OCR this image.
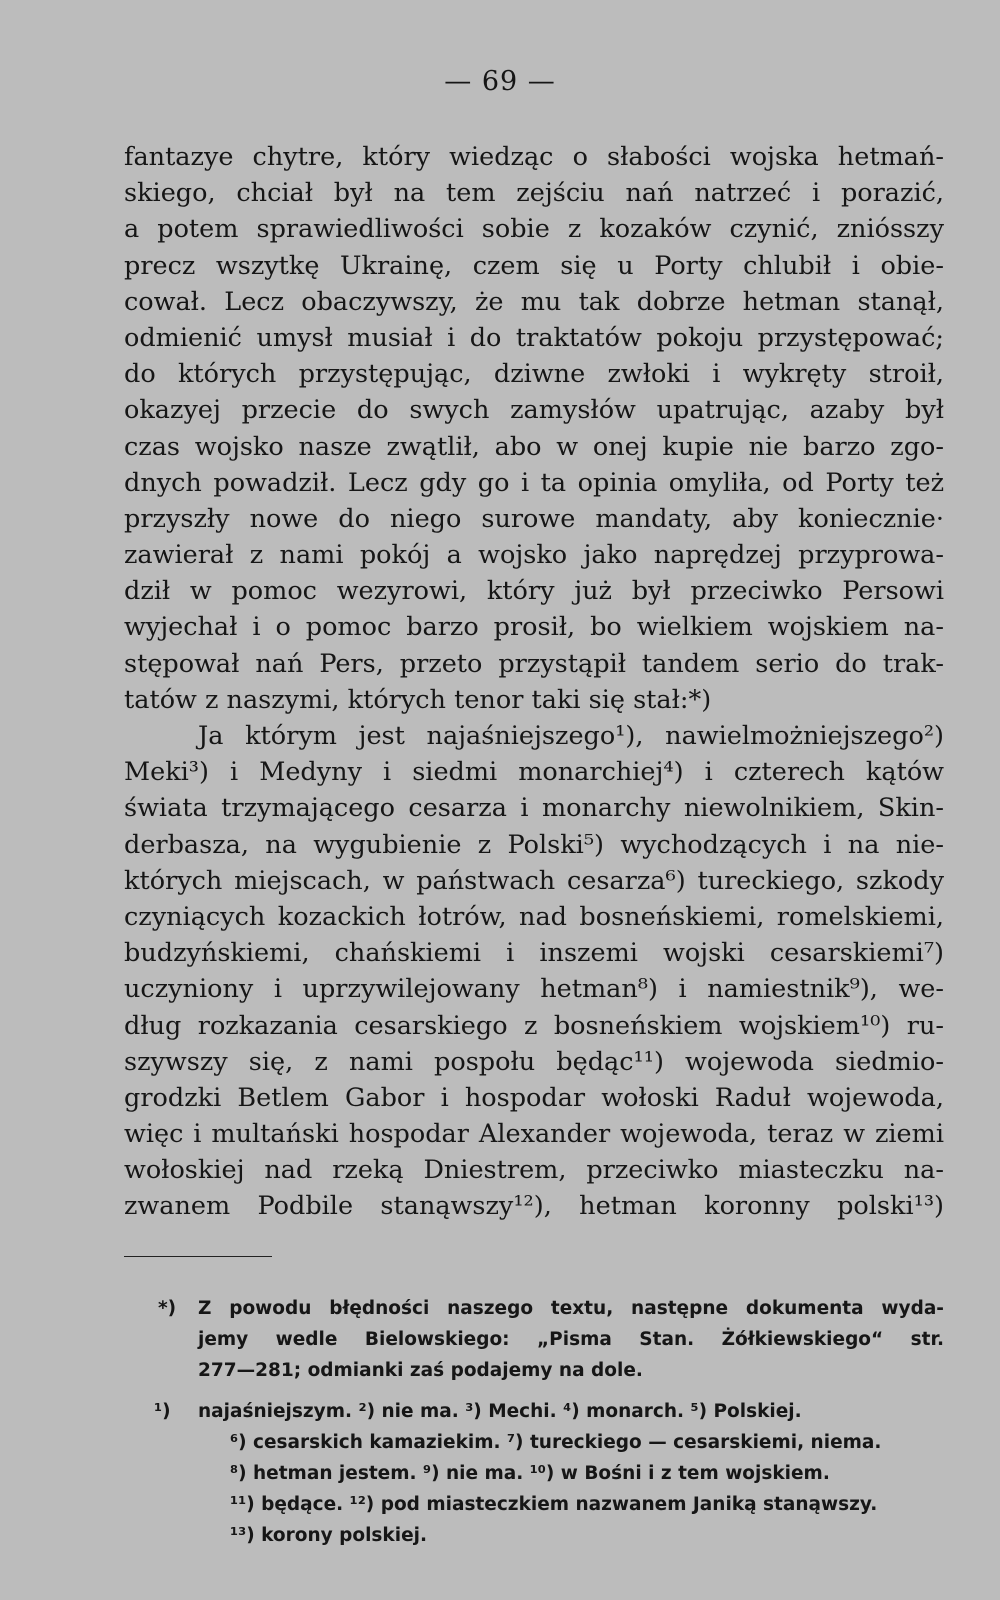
— 69 —
fantazye chytre, który wiedząc o słabości wojska hetmań-
skiego, chciał był na tem zejściu nań natrzeć i porazić,
a potem sprawiedliwości sobie z kozaków czynić, zniósszy
precz wszytkę Ukrainę, czem się u Porty chlubił i obie-
cował. Lecz obaczywszy, że mu tak dobrze hetman stanął,
odmienić umysł musiał i do traktatów pokoju przystępować;
do których przystępując, dziwne zwłoki i wykręty stroił,
okazyej przecie do swych zamysłów upatrując, azaby był
czas wojsko nasze zwątlił, abo w onej kupie nie barzo zgo-
dnych powadził. Lecz gdy go i ta opinia omyliła, od Porty też
przyszły nowe do niego surowe mandaty, aby koniecznie·
zawierał z nami pokój a wojsko jako naprędzej przyprowa-
dził w pomoc wezyrowi, który już był przeciwko Persowi
wyjechał i o pomoc barzo prosił, bo wielkiem wojskiem na-
stępował nań Pers, przeto przystąpił tandem serio do trak-
tatów z naszymi, których tenor taki się stał:*)
Ja którym jest najaśniejszego¹), nawielmożniejszego²)
Meki³) i Medyny i siedmi monarchiej⁴) i czterech kątów
świata trzymającego cesarza i monarchy niewolnikiem, Skin-
derbasza, na wygubienie z Polski⁵) wychodzących i na nie-
których miejscach, w państwach cesarza⁶) tureckiego, szkody
czyniących kozackich łotrów, nad bosneńskiemi, romelskiemi,
budzyńskiemi, chańskiemi i inszemi wojski cesarskiemi⁷)
uczyniony i uprzywilejowany hetman⁸) i namiestnik⁹), we-
dług rozkazania cesarskiego z bosneńskiem wojskiem¹⁰) ru-
szywszy się, z nami pospołu będąc¹¹) wojewoda siedmio-
grodzki Betlem Gabor i hospodar wołoski Raduł wojewoda,
więc i multański hospodar Alexander wojewoda, teraz w ziemi
wołoskiej nad rzeką Dniestrem, przeciwko miasteczku na-
zwanem Podbile stanąwszy¹²), hetman koronny polski¹³)
*) Z powodu błędności naszego textu, następne dokumenta wyda-
jemy wedle Bielowskiego: „Pisma Stan. Żółkiewskiego“ str.
277—281; odmianki zaś podajemy na dole.
¹) najaśniejszym. ²) nie ma. ³) Mechi. ⁴) monarch. ⁵) Polskiej.
⁶) cesarskich kamaziekim. ⁷) tureckiego — cesarskiemi, niema.
⁸) hetman jestem. ⁹) nie ma. ¹⁰) w Bośni i z tem wojskiem.
¹¹) będące. ¹²) pod miasteczkiem nazwanem Janiką stanąwszy.
¹³) korony polskiej.
